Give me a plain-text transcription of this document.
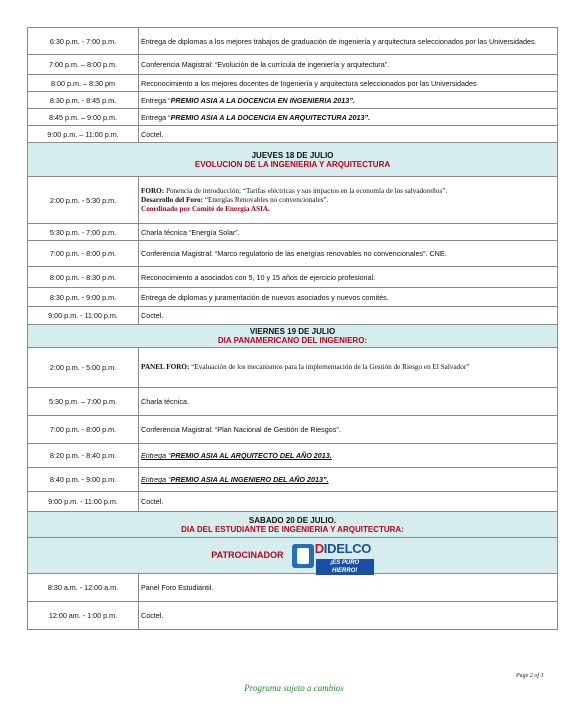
6:30 p.m. - 7:00 p.m.	Entrega de diplomas a los mejores trabajos de graduación de ingeniería y arquitectura seleccionados por las Universidades.
7:00 p.m. – 8:00 p.m.	Conferencia Magistral: “Evolución de la currícula de ingeniería y arquitectura”.
8:00 p.m. – 8:30 pm	Reconocimiento a los mejores docentes de Ingeniería y arquitectura seleccionados por las Universidades
8:30 p.m. - 8:45 p.m.	Entrega “PREMIO ASIA A LA DOCENCIA EN INGENIERIA 2013”.
8:45 p.m. – 9:00 p.m.	Entrega “PREMIO ASIA A LA DOCENCIA EN ARQUITECTURA 2013”.
9:00 p.m. – 11:00 p.m.	Coctel.

JUEVES 18 DE JULIO
EVOLUCION DE LA INGENIERIA Y ARQUITECTURA	

2:00 p.m. - 5:30 p.m.	FORO: Ponencia de introducción; “Tarifas eléctricas y sus impactos en la economía de los salvadoreños”.
Desarrollo del Foro: “Energías Renovables no convencionales”.
Coordinado por Comité de Energía ASIA.
5:30 p.m. - 7:00 p.m.	Charla técnica “Energía Solar”.
7:00 p.m. - 8:00 p.m.	Conferencia Magistral: “Marco regulatorio de las energías renovables no convencionales”. CNE.
8:00 p.m. - 8:30 p.m.	Reconocimiento a asociados con 5, 10 y 15 años de ejercicio profesional.
8:30 p.m. - 9:00 p.m.	Entrega de diplomas y juramentación de nuevos asociados y nuevos comités.
9:00 p.m. - 11:00 p.m.	Coctel.

VIERNES 19 DE JULIO
DIA PANAMERICANO DEL INGENIERO:	

2:00 p.m. - 5:00 p.m.	PANEL FORO: “Evaluación de los mecanismos para la implementación de la Gestión de Riesgo en El Salvador”
5:30 p.m. – 7:00 p.m.	Charla técnica.
7:00 p.m. - 8:00 p.m.	Conferencia Magistral: “Plan Nacional de Gestión de Riesgos”.
8:20 p.m. - 8:40 p.m.	Entrega “PREMIO ASIA AL ARQUITECTO DEL AÑO 2013.
8:40 p.m. - 9:00 p.m.	Entrega “PREMIO ASIA AL INGENIERO DEL AÑO 2013”.
9:00 p.m. - 11:00 p.m.	Coctel.

SABADO 20 DE JULIO.
DIA DEL ESTUDIANTE DE INGENIERIA Y ARQUITECTURA:	

PATROCINADOR DIDELCO
¡ES PURO HIERRO!	

8:30 a.m. - 12:00 a.m.	Panel Foro Estudiantil.
12:00 am. - 1:00 p.m.	Coctel.
Page 2 of 3
Programa sujeto a cambios
